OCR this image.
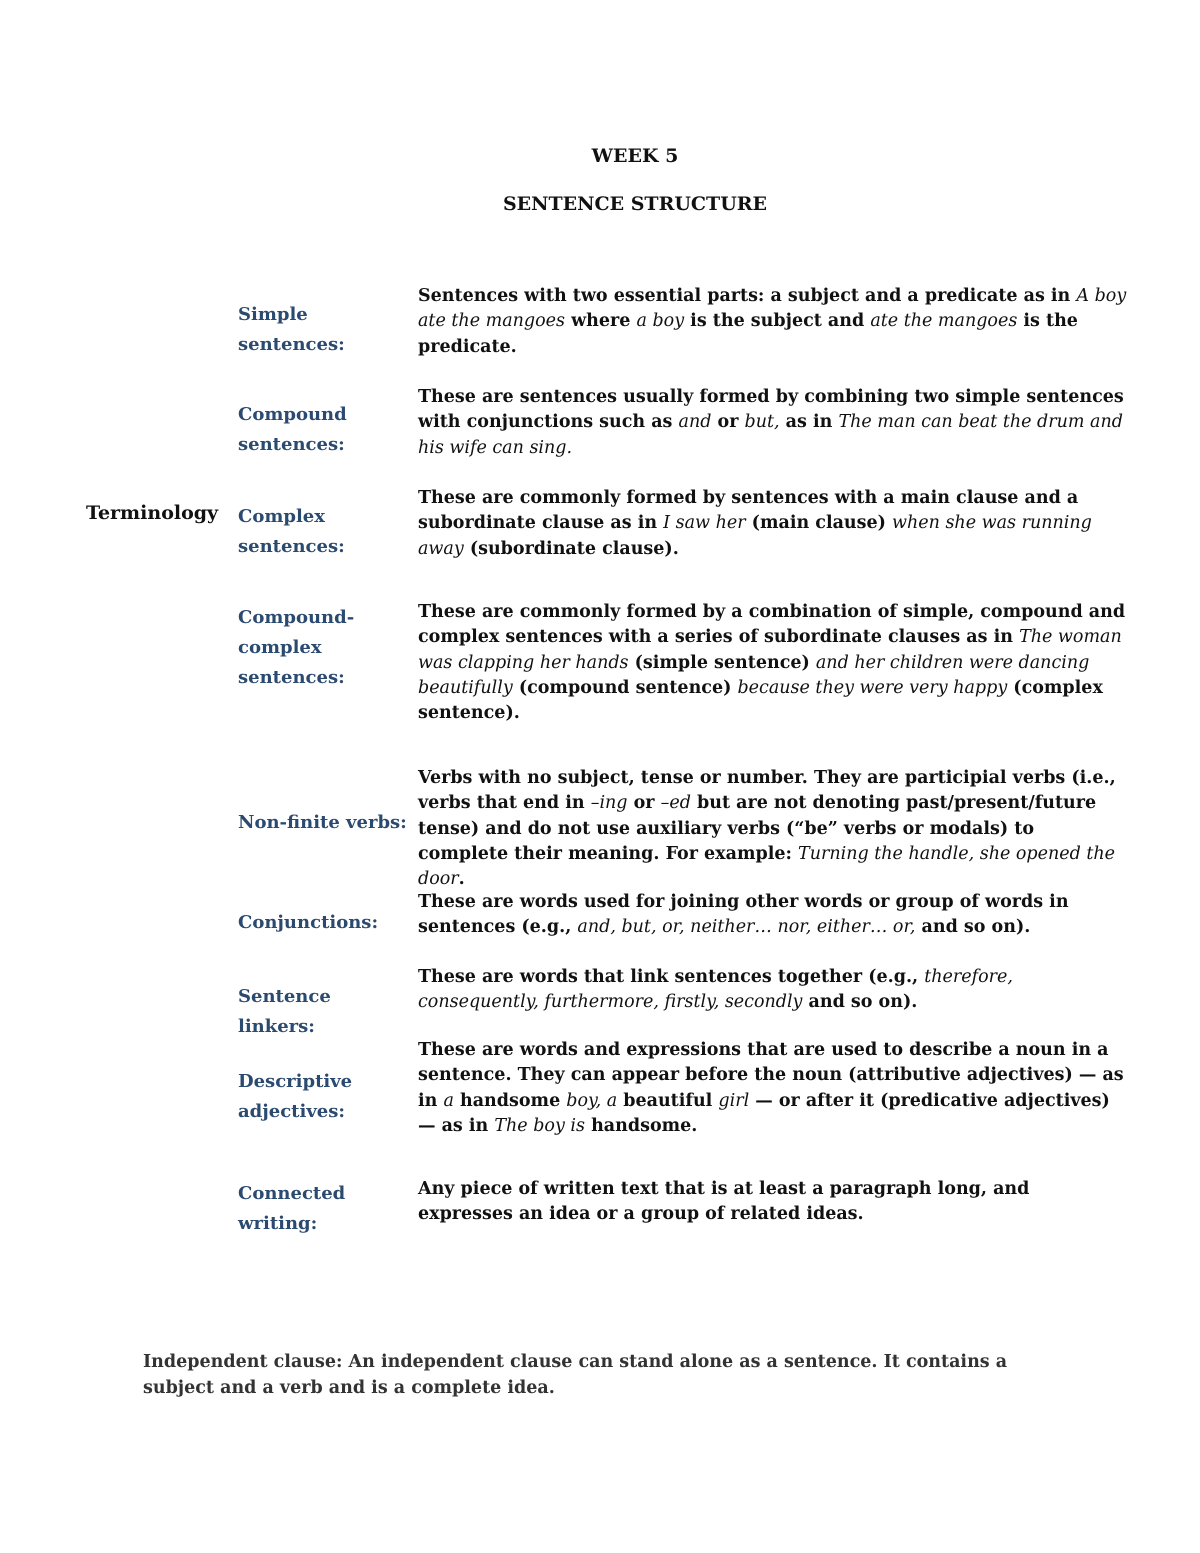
WEEK 5
SENTENCE STRUCTURE
Terminology
Simple sentences:

Sentences with two essential parts: a subject and a predicate as in A boy ate the mangoes where a boy is the subject and ate the mangoes is the predicate.

Compound sentences:

These are sentences usually formed by combining two simple sentences with conjunctions such as and or but, as in The man can beat the drum and his wife can sing.

Complex sentences:

These are commonly formed by sentences with a main clause and a subordinate clause as in I saw her (main clause) when she was running away (subordinate clause).

Compound-complex sentences:

These are commonly formed by a combination of simple, compound and complex sentences with a series of subordinate clauses as in The woman was clapping her hands (simple sentence) and her children were dancing beautifully (compound sentence) because they were very happy (complex sentence).

Non-finite verbs:

Verbs with no subject, tense or number. They are participial verbs (i.e., verbs that end in –ing or –ed but are not denoting past/present/future tense) and do not use auxiliary verbs (“be” verbs or modals) to complete their meaning. For example: Turning the handle, she opened the door.

Conjunctions:

These are words used for joining other words or group of words in sentences (e.g., and, but, or, neither… nor, either… or, and so on).

Sentence linkers:

These are words that link sentences together (e.g., therefore, consequently, furthermore, firstly, secondly and so on).

Descriptive adjectives:

These are words and expressions that are used to describe a noun in a sentence. They can appear before the noun (attributive adjectives) — as in a handsome boy, a beautiful girl — or after it (predicative adjectives) — as in The boy is handsome.

Connected writing:

Any piece of written text that is at least a paragraph long, and expresses an idea or a group of related ideas.

Independent clause: An independent clause can stand alone as a sentence. It contains a subject and a verb and is a complete idea.
